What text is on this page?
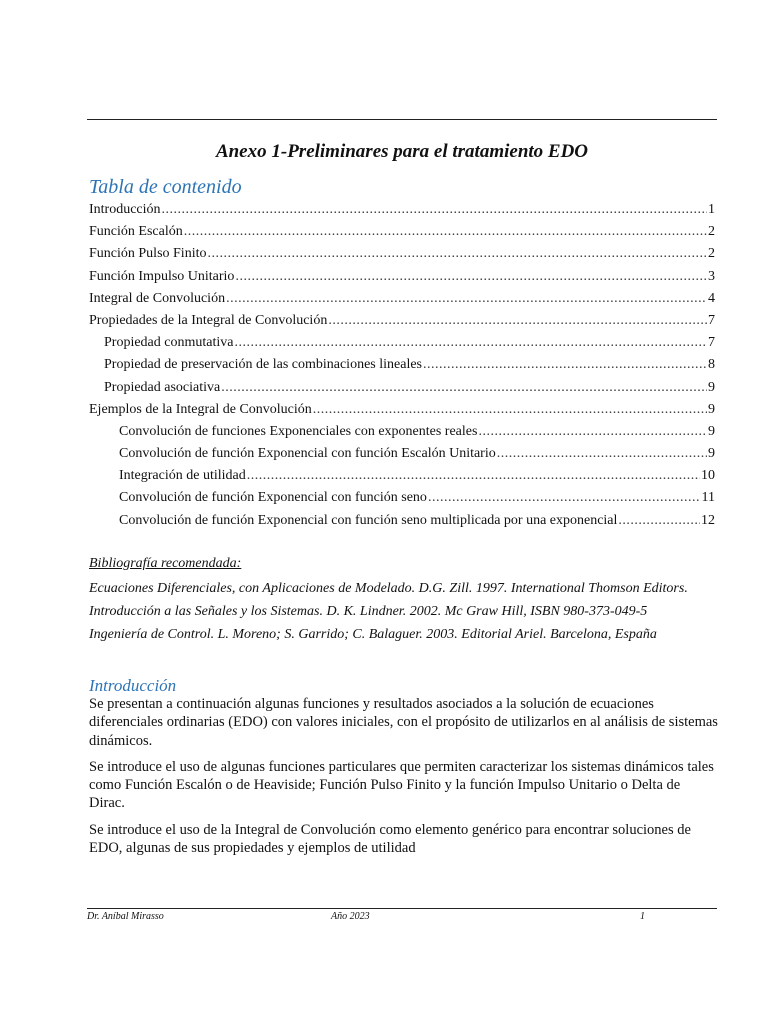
Anexo 1-Preliminares para el tratamiento EDO
Tabla de contenido
Introducción .....	1
Función Escalón .....	2
Función Pulso Finito .....	2
Función Impulso Unitario .....	3
Integral de Convolución .....	4
Propiedades de la Integral de Convolución .....	7
Propiedad conmutativa .....	7
Propiedad de preservación de las combinaciones lineales .....	8
Propiedad asociativa .....	9
Ejemplos de la Integral de Convolución .....	9
Convolución de funciones Exponenciales con exponentes reales .....	9
Convolución de función Exponencial con función Escalón Unitario .....	9
Integración de utilidad .....	10
Convolución de función Exponencial con función seno .....	11
Convolución de función Exponencial con función seno multiplicada por una exponencial .....	12
Bibliografía recomendada:
Ecuaciones Diferenciales, con Aplicaciones de Modelado. D.G. Zill. 1997. International Thomson Editors.
Introducción a las Señales y los Sistemas. D. K. Lindner. 2002. Mc Graw Hill, ISBN 980-373-049-5
Ingeniería de Control. L. Moreno; S. Garrido; C. Balaguer. 2003. Editorial Ariel. Barcelona, España
Introducción

Se presentan a continuación algunas funciones y resultados asociados a la solución de ecuaciones diferenciales ordinarias (EDO) con valores iniciales, con el propósito de utilizarlos en al análisis de sistemas dinámicos.

Se introduce el uso de algunas funciones particulares que permiten caracterizar los sistemas dinámicos tales como Función Escalón o de Heaviside; Función Pulso Finito y la función Impulso Unitario o Delta de Dirac.

Se introduce el uso de la Integral de Convolución como elemento genérico para encontrar soluciones de EDO, algunas de sus propiedades y ejemplos de utilidad

Dr. Aníbal Mirasso	Año 2023	1
